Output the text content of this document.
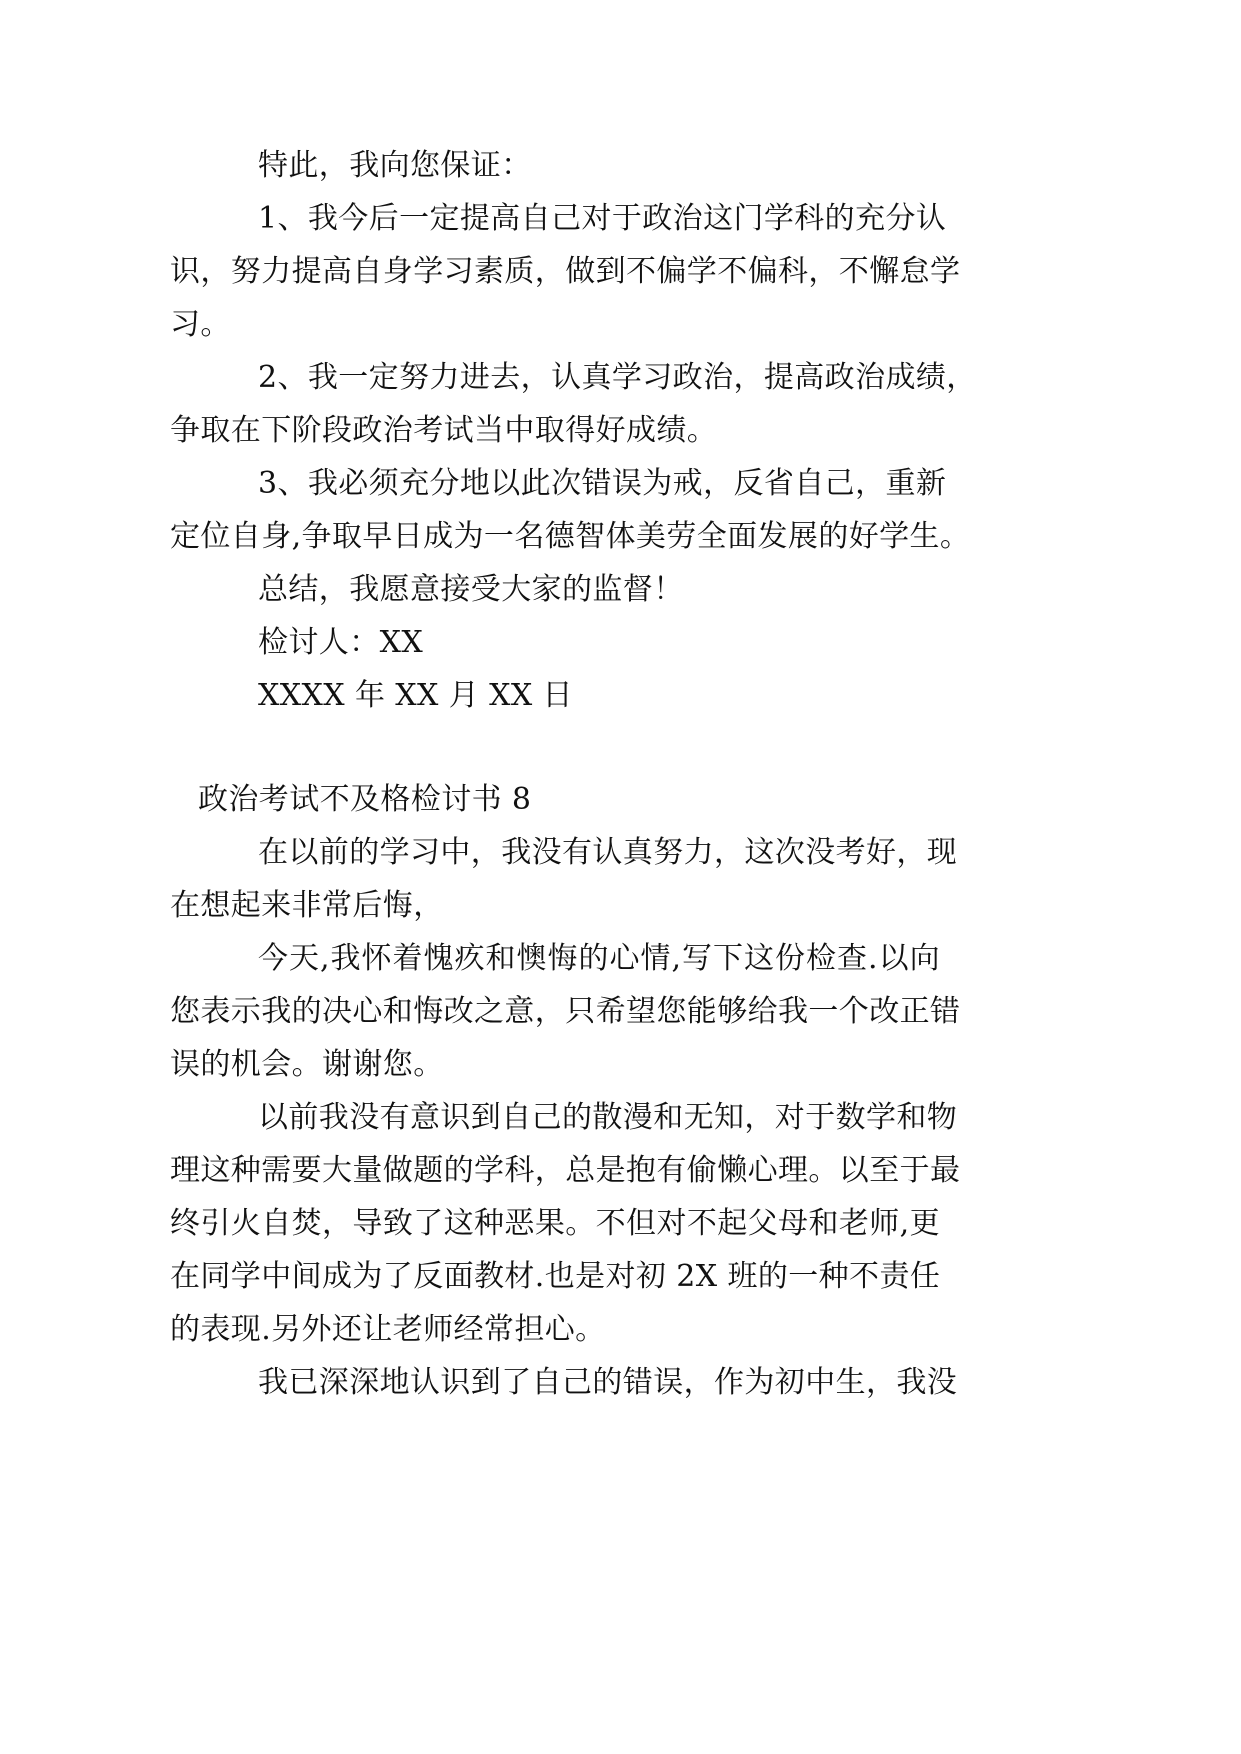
特此，我向您保证：
1、我今后一定提高自己对于政治这门学科的充分认
识，努力提高自身学习素质，做到不偏学不偏科，不懈怠学
习。
2、我一定努力进去，认真学习政治，提高政治成绩，
争取在下阶段政治考试当中取得好成绩。
3、我必须充分地以此次错误为戒，反省自己，重新
定位自身,争取早日成为一名德智体美劳全面发展的好学生。
总结，我愿意接受大家的监督！
检讨人：XX
XXXX 年 XX 月 XX 日
政治考试不及格检讨书 8
在以前的学习中，我没有认真努力，这次没考好，现
在想起来非常后悔，
今天,我怀着愧疚和懊悔的心情,写下这份检查.以向
您表示我的决心和悔改之意，只希望您能够给我一个改正错
误的机会。谢谢您。
以前我没有意识到自己的散漫和无知，对于数学和物
理这种需要大量做题的学科，总是抱有偷懒心理。以至于最
终引火自焚，导致了这种恶果。不但对不起父母和老师,更
在同学中间成为了反面教材.也是对初 2X 班的一种不责任
的表现.另外还让老师经常担心。
我已深深地认识到了自己的错误，作为初中生，我没
